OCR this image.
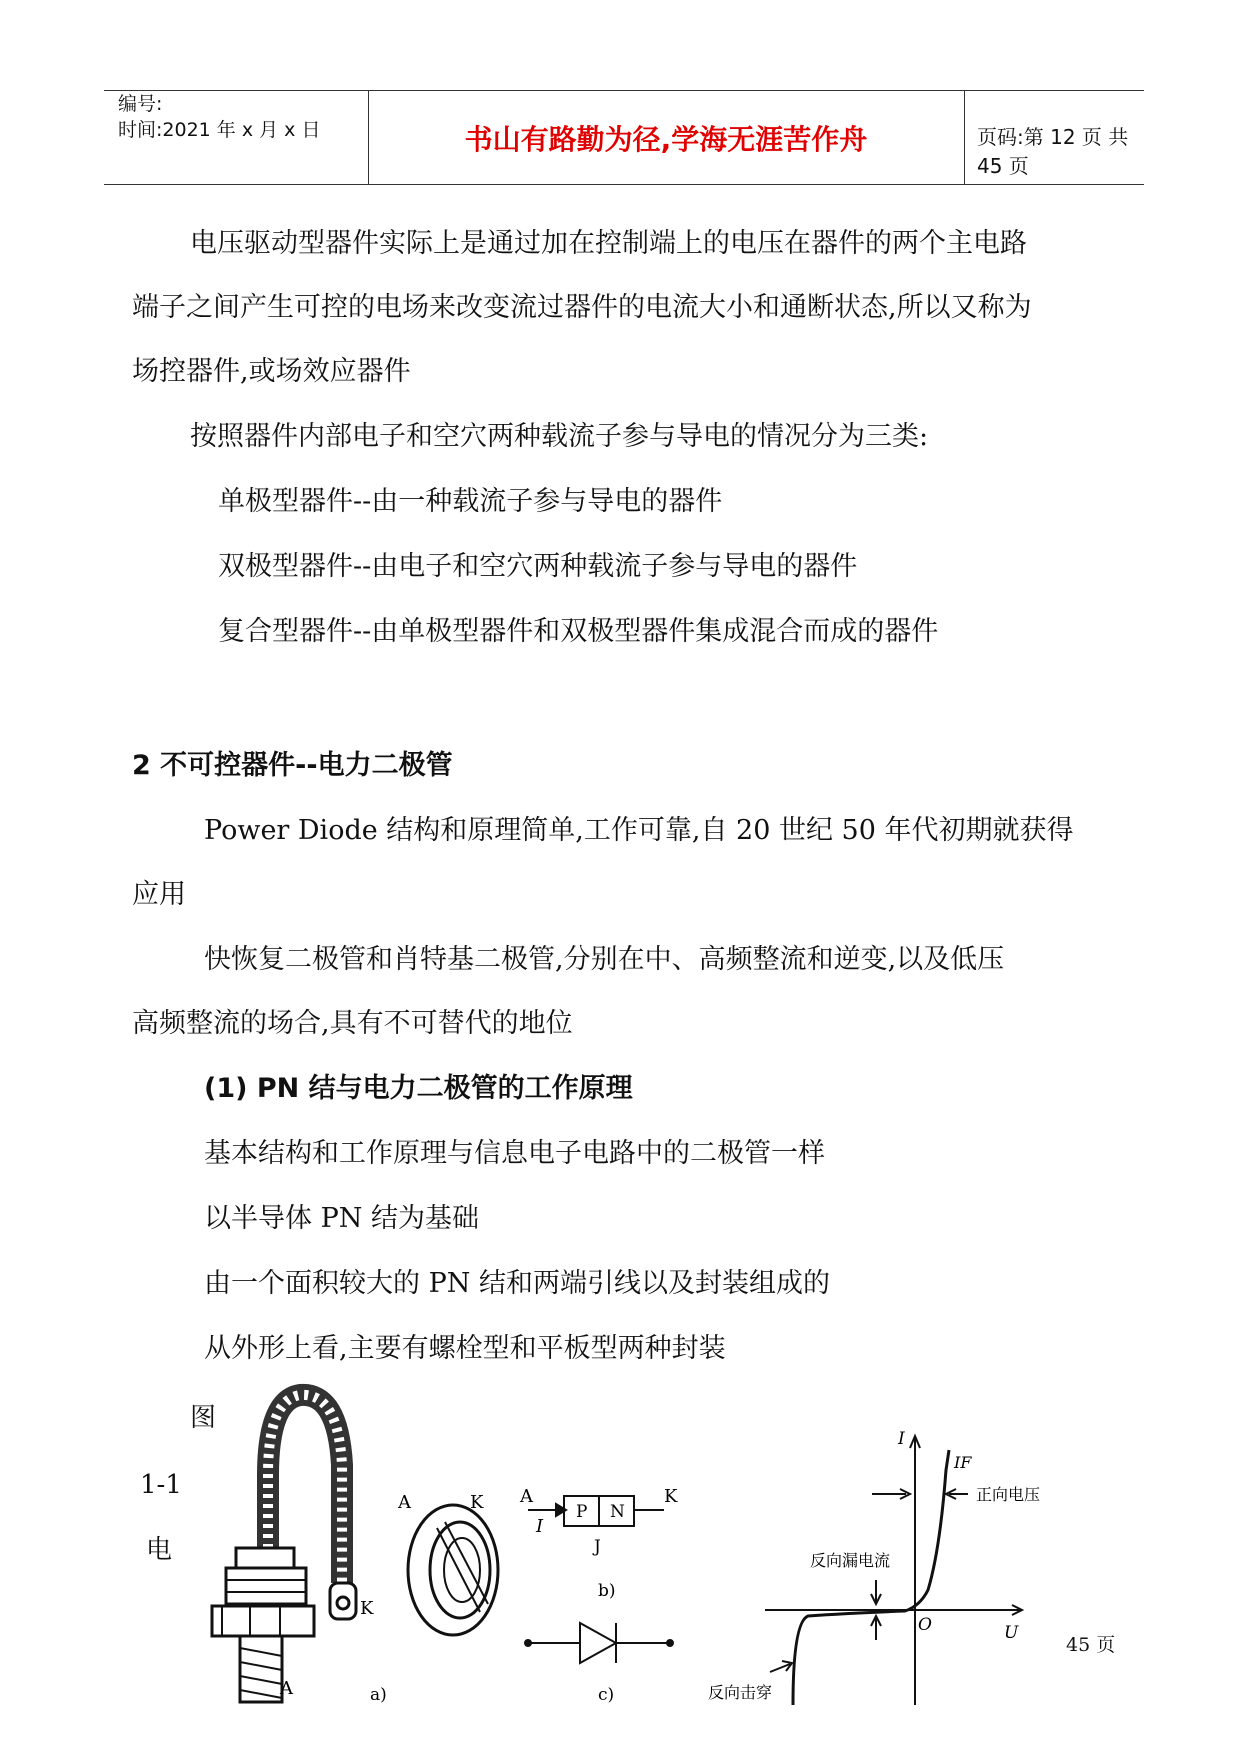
编号:
时间:2021 年 x 月 x 日	书山有路勤为径,学海无涯苦作舟	页码:第 12 页 共 45 页
电压驱动型器件实际上是通过加在控制端上的电压在器件的两个主电路
端子之间产生可控的电场来改变流过器件的电流大小和通断状态,所以又称为
场控器件,或场效应器件
按照器件内部电子和空穴两种载流子参与导电的情况分为三类:
单极型器件--由一种载流子参与导电的器件
双极型器件--由电子和空穴两种载流子参与导电的器件
复合型器件--由单极型器件和双极型器件集成混合而成的器件
2 不可控器件--电力二极管
Power Diode 结构和原理简单,工作可靠,自 20 世纪 50 年代初期就获得
应用
快恢复二极管和肖特基二极管,分别在中、高频整流和逆变,以及低压
高频整流的场合,具有不可替代的地位
(1) PN 结与电力二极管的工作原理
基本结构和工作原理与信息电子电路中的二极管一样
以半导体 PN 结为基础
由一个面积较大的 PN 结和两端引线以及封装组成的
从外形上看,主要有螺栓型和平板型两种封装
图
1-1
电
K
A
A	K
a)
A
I
P N
K
J
b)
c)
I
IF
正向电压
反向漏电流
O	U
反向击穿
45 页
